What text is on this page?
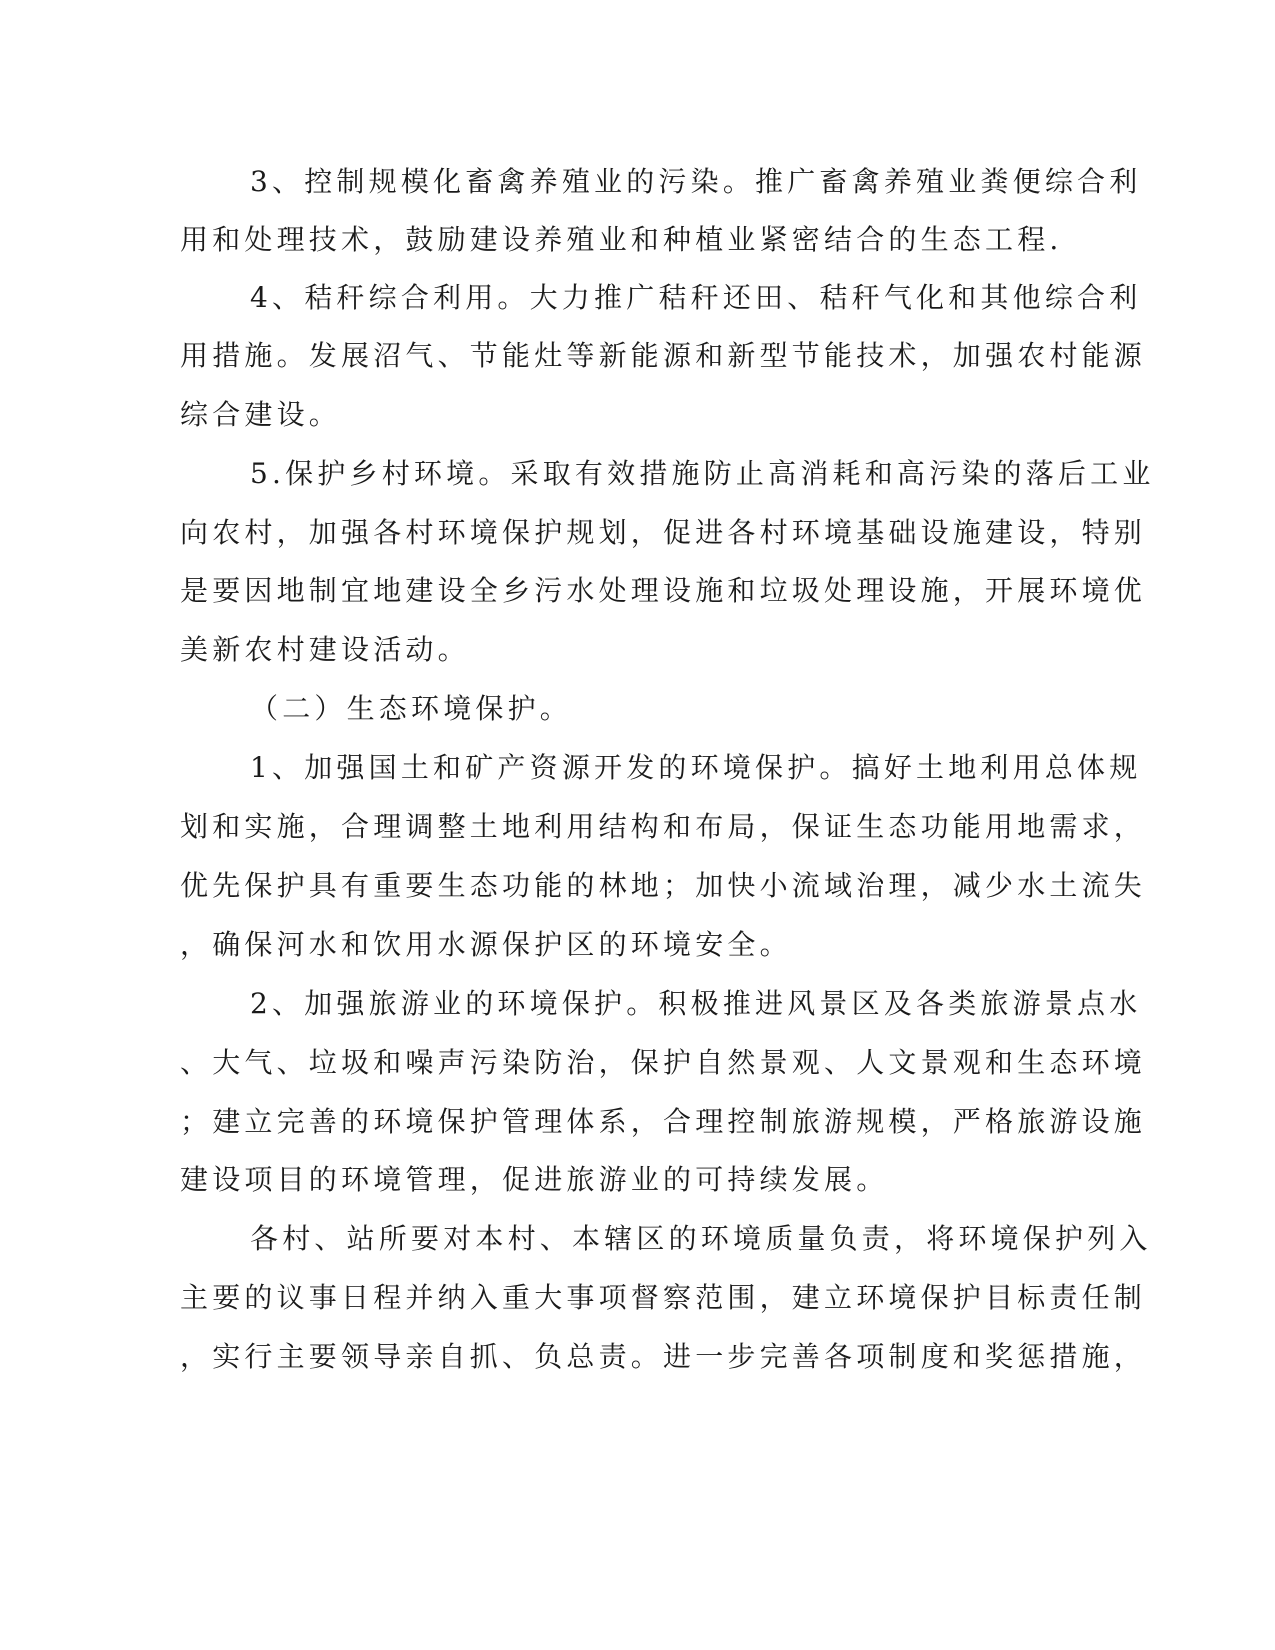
3、控制规模化畜禽养殖业的污染。推广畜禽养殖业粪便综合利
用和处理技术，鼓励建设养殖业和种植业紧密结合的生态工程.
4、秸秆综合利用。大力推广秸秆还田、秸秆气化和其他综合利
用措施。发展沼气、节能灶等新能源和新型节能技术，加强农村能源
综合建设。
5.保护乡村环境。采取有效措施防止高消耗和高污染的落后工业
向农村，加强各村环境保护规划，促进各村环境基础设施建设，特别
是要因地制宜地建设全乡污水处理设施和垃圾处理设施，开展环境优
美新农村建设活动。
（二）生态环境保护。
1、加强国土和矿产资源开发的环境保护。搞好土地利用总体规
划和实施，合理调整土地利用结构和布局，保证生态功能用地需求，
优先保护具有重要生态功能的林地；加快小流域治理，减少水土流失
，确保河水和饮用水源保护区的环境安全。
2、加强旅游业的环境保护。积极推进风景区及各类旅游景点水
、大气、垃圾和噪声污染防治，保护自然景观、人文景观和生态环境
；建立完善的环境保护管理体系，合理控制旅游规模，严格旅游设施
建设项目的环境管理，促进旅游业的可持续发展。
各村、站所要对本村、本辖区的环境质量负责，将环境保护列入
主要的议事日程并纳入重大事项督察范围，建立环境保护目标责任制
，实行主要领导亲自抓、负总责。进一步完善各项制度和奖惩措施，
